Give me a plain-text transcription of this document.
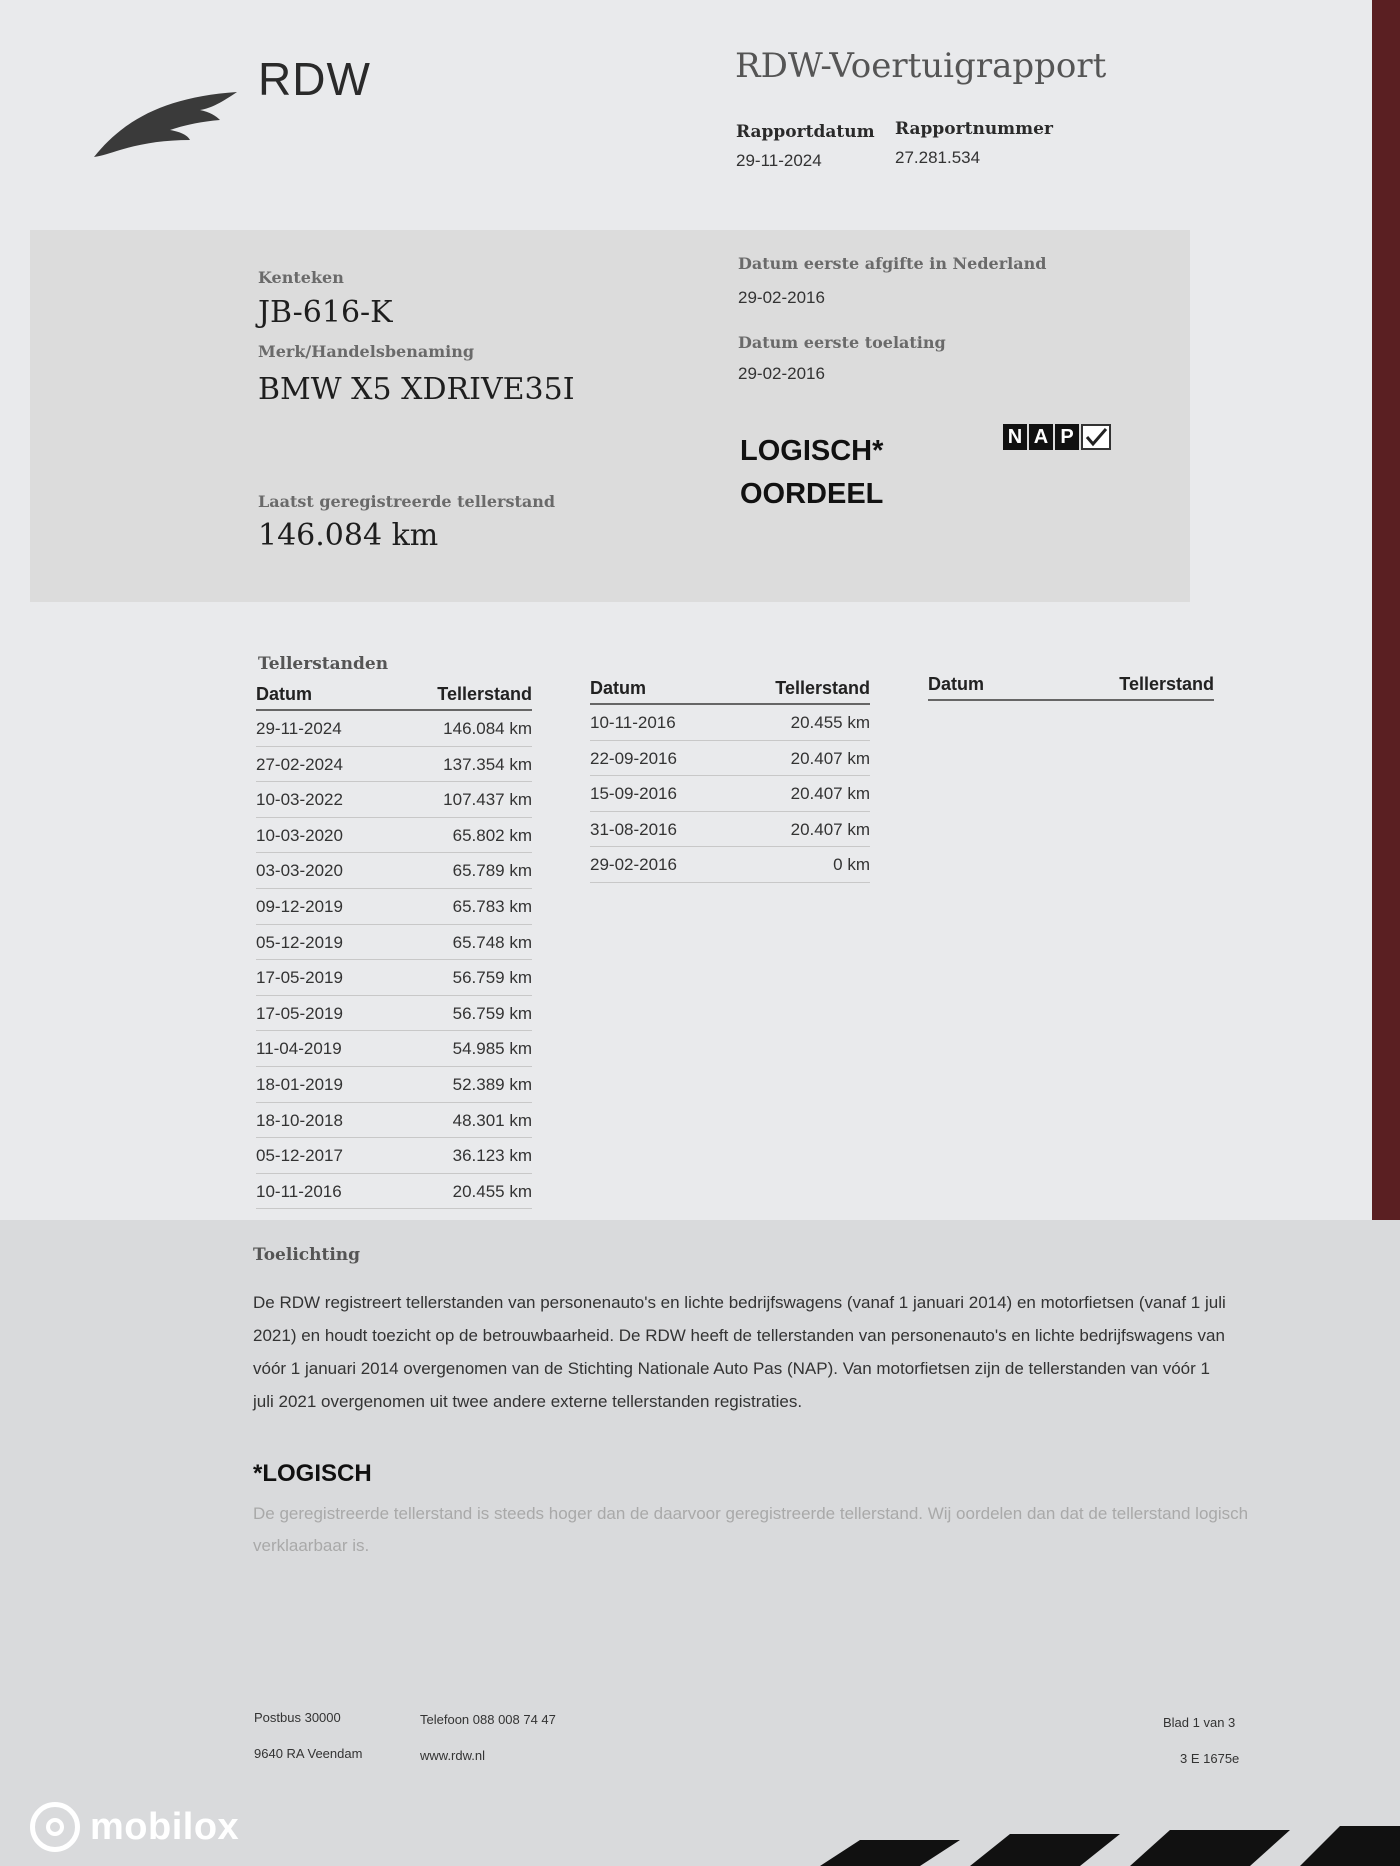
RDW	RDW-Voertuigrapport
Rapportdatum
29-11-2024
Rapportnummer
27.281.534
Kenteken
JB-616-K
Merk/Handelsbenaming
BMW X5 XDRIVE35I
Laatst geregistreerde tellerstand
146.084 km
Datum eerste afgifte in Nederland
29-02-2016
Datum eerste toelating
29-02-2016
LOGISCH*
OORDEEL
N A P
Tellerstanden
Datum	Tellerstand
29-11-2024	146.084 km
27-02-2024	137.354 km
10-03-2022	107.437 km
10-03-2020	65.802 km
03-03-2020	65.789 km
09-12-2019	65.783 km
05-12-2019	65.748 km
17-05-2019	56.759 km
17-05-2019	56.759 km
11-04-2019	54.985 km
18-01-2019	52.389 km
18-10-2018	48.301 km
05-12-2017	36.123 km
10-11-2016	20.455 km
Datum	Tellerstand
10-11-2016	20.455 km
22-09-2016	20.407 km
15-09-2016	20.407 km
31-08-2016	20.407 km
29-02-2016	0 km
Datum	Tellerstand
Toelichting
De RDW registreert tellerstanden van personenauto's en lichte bedrijfswagens (vanaf 1 januari 2014) en motorfietsen (vanaf 1 juli 2021) en houdt toezicht op de betrouwbaarheid. De RDW heeft de tellerstanden van personenauto's en lichte bedrijfswagens van vóór 1 januari 2014 overgenomen van de Stichting Nationale Auto Pas (NAP). Van motorfietsen zijn de tellerstanden van vóór 1 juli 2021 overgenomen uit twee andere externe tellerstanden registraties.
*LOGISCH
De geregistreerde tellerstand is steeds hoger dan de daarvoor geregistreerde tellerstand. Wij oordelen dan dat de tellerstand logisch verklaarbaar is.
Postbus 30000
9640 RA Veendam
Telefoon 088 008 74 47
www.rdw.nl
Blad 1 van 3
3 E 1675e
mobilox
